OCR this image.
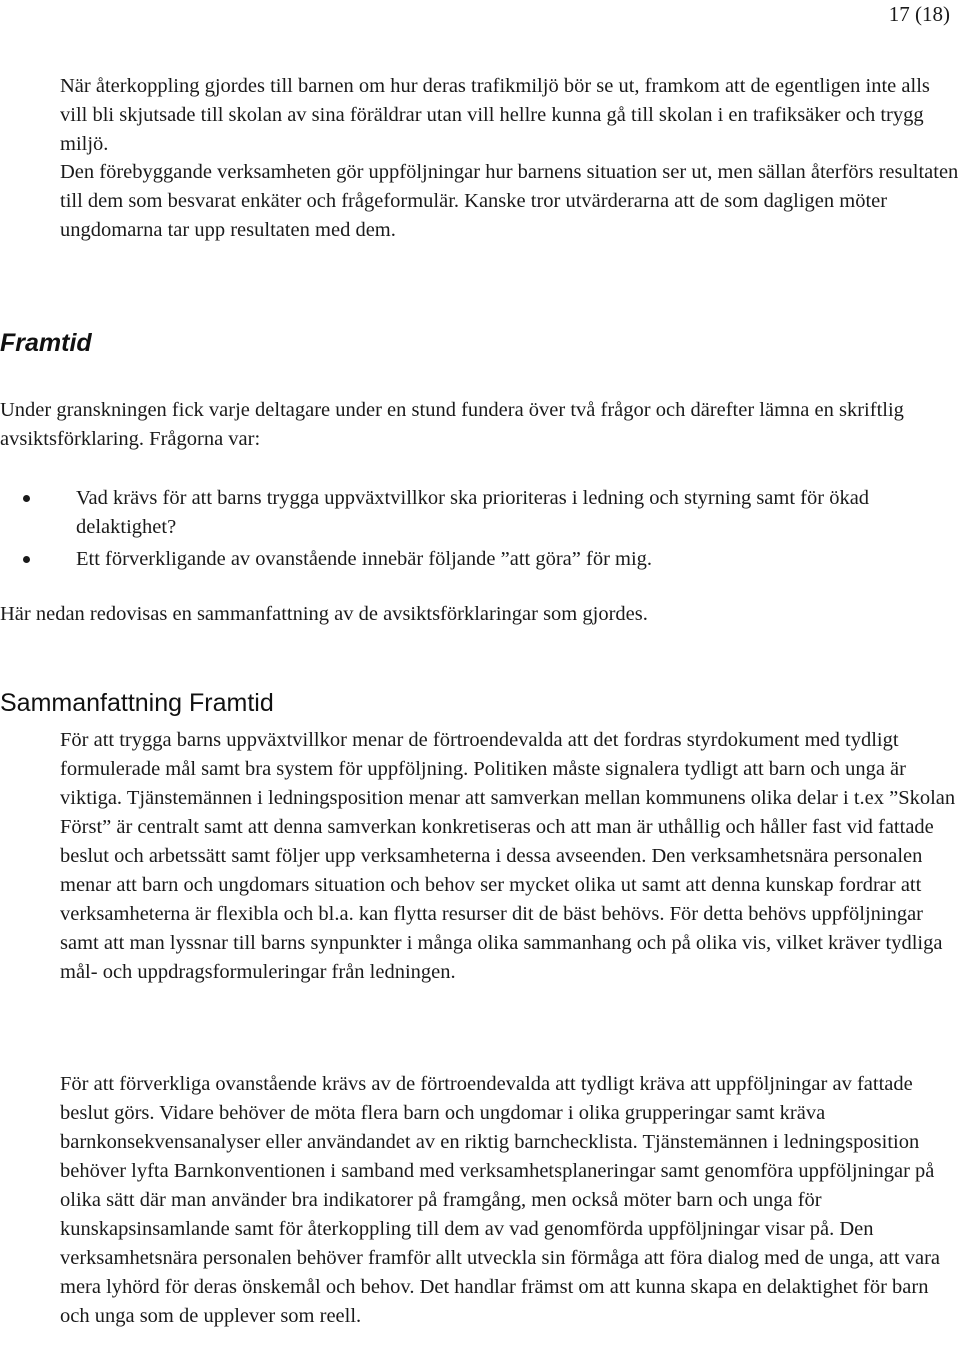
17 (18)

När återkoppling gjordes till barnen om hur deras trafikmiljö bör se ut, framkom att de egentligen inte alls vill bli skjutsade till skolan av sina föräldrar utan vill hellre kunna gå till skolan i en trafiksäker och trygg miljö.

Den förebyggande verksamheten gör uppföljningar hur barnens situation ser ut, men sällan återförs resultaten till dem som besvarat enkäter och frågeformulär. Kanske tror utvärderarna att de som dagligen möter ungdomarna tar upp resultaten med dem.

Framtid

Under granskningen fick varje deltagare under en stund fundera över två frågor och därefter lämna en skriftlig avsiktsförklaring. Frågorna var:

Vad krävs för att barns trygga uppväxtvillkor ska prioriteras i ledning och styrning samt för ökad delaktighet?
Ett förverkligande av ovanstående innebär följande ”att göra” för mig.

Här nedan redovisas en sammanfattning av de avsiktsförklaringar som gjordes.

Sammanfattning Framtid

För att trygga barns uppväxtvillkor menar de förtroendevalda att det fordras styrdokument med tydligt formulerade mål samt bra system för uppföljning. Politiken måste signalera tydligt att barn och unga är viktiga. Tjänstemännen i ledningsposition menar att samverkan mellan kommunens olika delar i t.ex ”Skolan Först” är centralt samt att denna samverkan konkretiseras och att man är uthållig och håller fast vid fattade beslut och arbetssätt samt följer upp verksamheterna i dessa avseenden. Den verksamhetsnära personalen menar att barn och ungdomars situation och behov ser mycket olika ut samt att denna kunskap fordrar att verksamheterna är flexibla och bl.a. kan flytta resurser dit de bäst behövs. För detta behövs uppföljningar samt att man lyssnar till barns synpunkter i många olika sammanhang och på olika vis, vilket kräver tydliga mål- och uppdragsformuleringar från ledningen.

För att förverkliga ovanstående krävs av de förtroendevalda att tydligt kräva att uppföljningar av fattade beslut görs. Vidare behöver de möta flera barn och ungdomar i olika grupperingar samt kräva barnkonsekvensanalyser eller användandet av en riktig barnchecklista. Tjänstemännen i ledningsposition behöver lyfta Barnkonventionen i samband med verksamhetsplaneringar samt genomföra uppföljningar på olika sätt där man använder bra indikatorer på framgång, men också möter barn och unga för kunskapsinsamlande samt för återkoppling till dem av vad genomförda uppföljningar visar på. Den verksamhetsnära personalen behöver framför allt utveckla sin förmåga att föra dialog med de unga, att vara mera lyhörd för deras önskemål och behov. Det handlar främst om att kunna skapa en delaktighet för barn och unga som de upplever som reell.
